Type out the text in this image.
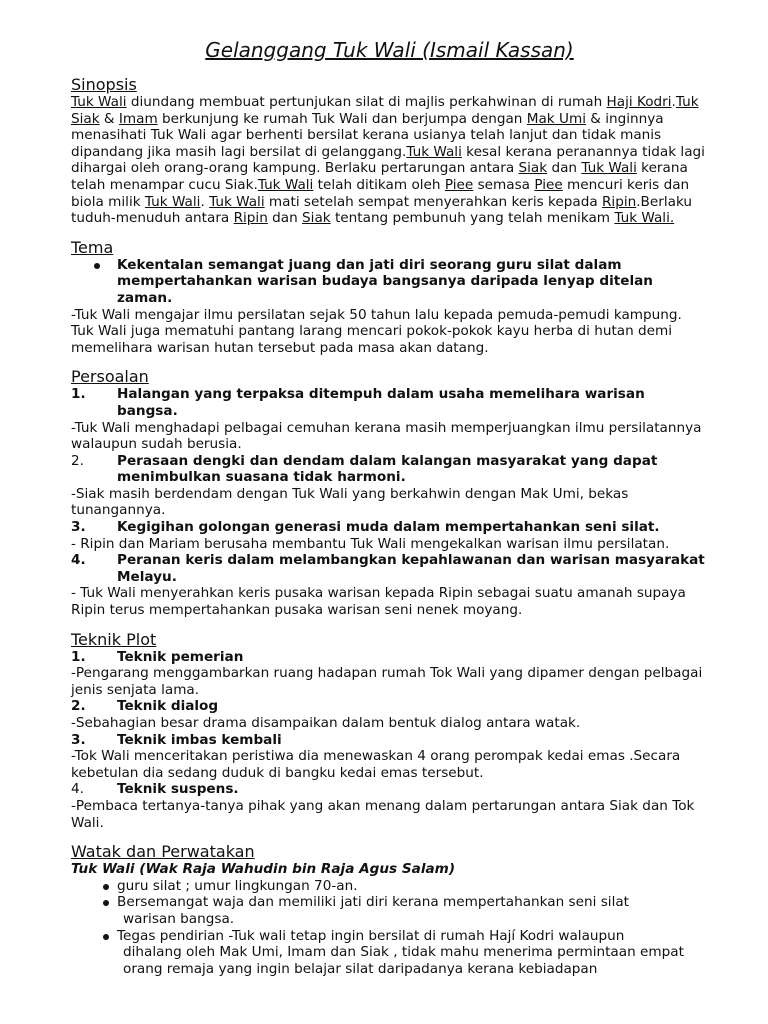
Gelanggang Tuk Wali (Ismail Kassan)
Sinopsis

Tuk Wali diundang membuat pertunjukan silat di majlis perkahwinan di rumah Haji Kodri.Tuk Siak & Imam berkunjung ke rumah Tuk Wali dan berjumpa dengan Mak Umi & inginnya menasihati Tuk Wali agar berhenti bersilat kerana usianya telah lanjut dan tidak manis dipandang jika masih lagi bersilat di gelanggang.Tuk Wali kesal kerana peranannya tidak lagi dihargai oleh orang-orang kampung. Berlaku pertarungan antara Siak dan Tuk Wali kerana telah menampar cucu Siak.Tuk Wali telah ditikam oleh Piee semasa Piee mencuri keris dan biola milik Tuk Wali. Tuk Wali mati setelah sempat menyerahkan keris kepada Ripin.Berlaku tuduh-menuduh antara Ripin dan Siak tentang pembunuh yang telah menikam Tuk Wali.

Tema
Kekentalan semangat juang dan jati diri seorang guru silat dalam mempertahankan warisan budaya bangsanya daripada lenyap ditelan zaman.

-Tuk Wali mengajar ilmu persilatan sejak 50 tahun lalu kepada pemuda-pemudi kampung. Tuk Wali juga mematuhi pantang larang mencari pokok-pokok kayu herba di hutan demi memelihara warisan hutan tersebut pada masa akan datang.

Persoalan
1. Halangan yang terpaksa ditempuh dalam usaha memelihara warisan bangsa.

-Tuk Wali menghadapi pelbagai cemuhan kerana masih memperjuangkan ilmu persilatannya walaupun sudah berusia.

2. Perasaan dengki dan dendam dalam kalangan masyarakat yang dapat menimbulkan suasana tidak harmoni.

-Siak masih berdendam dengan Tuk Wali yang berkahwin dengan Mak Umi, bekas tunangannya.

3. Kegigihan golongan generasi muda dalam mempertahankan seni silat.

- Ripin dan Mariam berusaha membantu Tuk Wali mengekalkan warisan ilmu persilatan.

4. Peranan keris dalam melambangkan kepahlawanan dan warisan masyarakat Melayu.

- Tuk Wali menyerahkan keris pusaka warisan kepada Ripin sebagai suatu amanah supaya Ripin terus mempertahankan pusaka warisan seni nenek moyang.

Teknik Plot
1. Teknik pemerian

-Pengarang menggambarkan ruang hadapan rumah Tok Wali yang dipamer dengan pelbagai jenis senjata lama.

2. Teknik dialog

-Sebahagian besar drama disampaikan dalam bentuk dialog antara watak.

3. Teknik imbas kembali

-Tok Wali menceritakan peristiwa dia menewaskan 4 orang perompak kedai emas .Secara kebetulan dia sedang duduk di bangku kedai emas tersebut.

4. Teknik suspens.

-Pembaca tertanya-tanya pihak yang akan menang dalam pertarungan antara Siak dan Tok Wali.

Watak dan Perwatakan
Tuk Wali (Wak Raja Wahudin bin Raja Agus Salam)
guru silat ; umur lingkungan 70-an.
Bersemangat waja dan memiliki jati diri kerana mempertahankan seni silat
warisan bangsa.
Tegas pendirian -Tuk wali tetap ingin bersilat di rumah Hají Kodri walaupun
dihalang oleh Mak Umi, Imam dan Siak , tidak mahu menerima permintaan empat orang remaja yang ingin belajar silat daripadanya kerana kebiadapan
